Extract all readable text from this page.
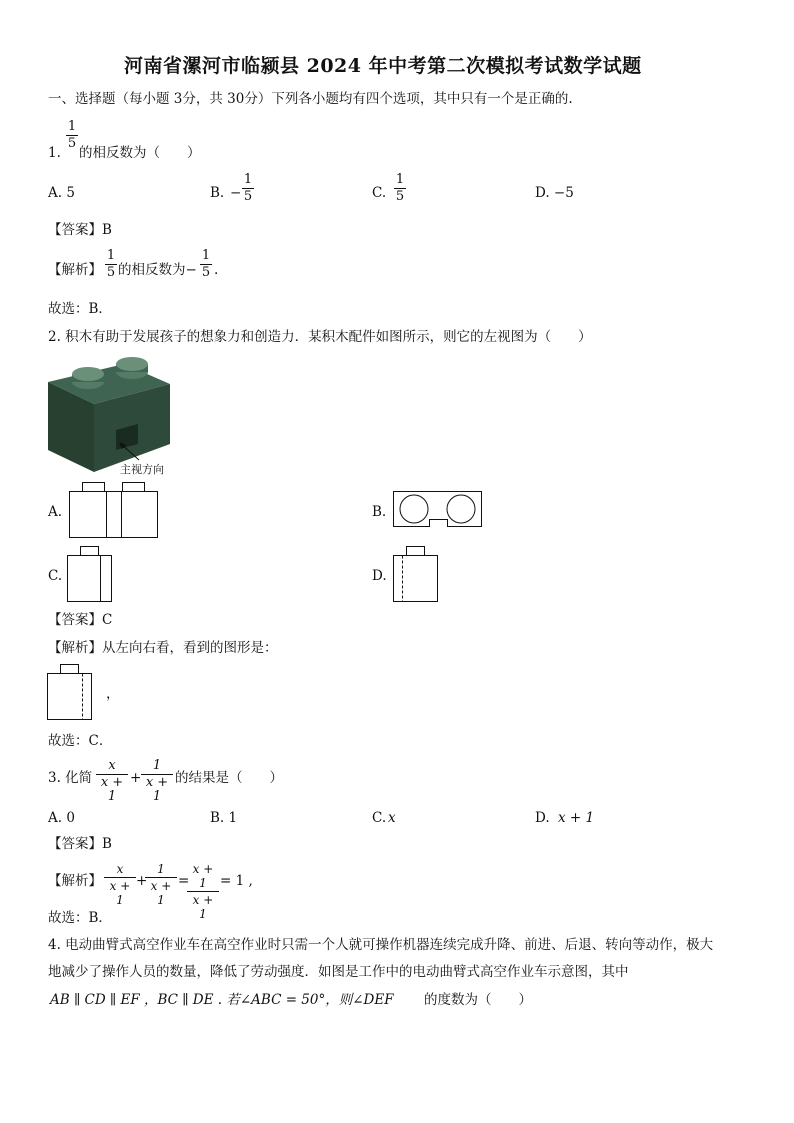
河南省漯河市临颍县 2024 年中考第二次模拟考试数学试题
一、选择题（每小题 3分，共 30分）下列各小题均有四个选项，其中只有一个是正确的.
1.
1
5
的相反数为（　　）
A. 5	B. −
1
5	C.
1
5	D. −5
【答案】B
【解析】
1
5 的相反数为−
1
5 .
故选：B．
2. 积木有助于发展孩子的想象力和创造力．某积木配件如图所示，则它的左视图为（　　）
主视方向
A.	B.
C.	D.
【答案】C
【解析】从左向右看，看到的图形是：
，
故选：C．
3. 化简
x
x + 1
+
1
x + 1
的结果是（　　）
A. 0	B. 1	C. x	D. x + 1
【答案】B
【解析】
x
x + 1
+
1
x + 1
=
x + 1
x + 1
= 1 ,
故选：B．
4. 电动曲臂式高空作业车在高空作业时只需一个人就可操作机器连续完成升降、前进、后退、转向等动作，极大
地减少了操作人员的数量，降低了劳动强度．如图是工作中的电动曲臂式高空作业车示意图，其中
AB ∥ CD ∥ EF ，BC ∥ DE . 若∠ABC = 50°，则∠DEF 的度数为（　　）
